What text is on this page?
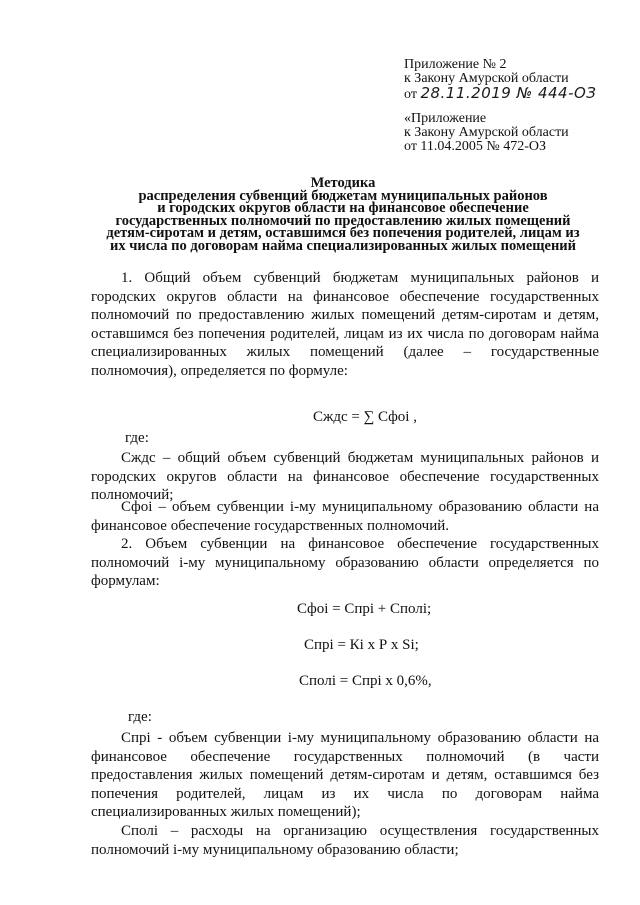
Приложение № 2
к Закону Амурской области
от 28.11.2019 № 444-ОЗ
«Приложение
к Закону Амурской области
от 11.04.2005 № 472-ОЗ
Методика
распределения субвенций бюджетам муниципальных районов
и городских округов области на финансовое обеспечение
государственных полномочий по предоставлению жилых помещений
детям-сиротам и детям, оставшимся без попечения родителей, лицам из
их числа по договорам найма специализированных жилых помещений
1. Общий объем субвенций бюджетам муниципальных районов и
городских округов области на финансовое обеспечение государственных
полномочий по предоставлению жилых помещений детям-сиротам и детям,
оставшимся без попечения родителей, лицам из их числа по договорам найма
специализированных жилых помещений (далее – государственные
полномочия), определяется по формуле:
Сждс = ∑ Сфоi ,
где:
Сждс – общий объем субвенций бюджетам муниципальных районов и
городских округов области на финансовое обеспечение государственных
полномочий;
Сфоi – объем субвенции i-му муниципальному образованию области на
финансовое обеспечение государственных полномочий.
2. Объем субвенции на финансовое обеспечение государственных
полномочий i-му муниципальному образованию области определяется по
формулам:
Сфоi = Спрi + Сполi;
Спрi = Кi х Р х Si;
Сполi = Спрi х 0,6%,
где:
Спрi - объем субвенции i-му муниципальному образованию области на
финансовое обеспечение государственных полномочий (в части
предоставления жилых помещений детям-сиротам и детям, оставшимся без
попечения родителей, лицам из их числа по договорам найма
специализированных жилых помещений);
Сполi – расходы на организацию осуществления государственных
полномочий i-му муниципальному образованию области;
